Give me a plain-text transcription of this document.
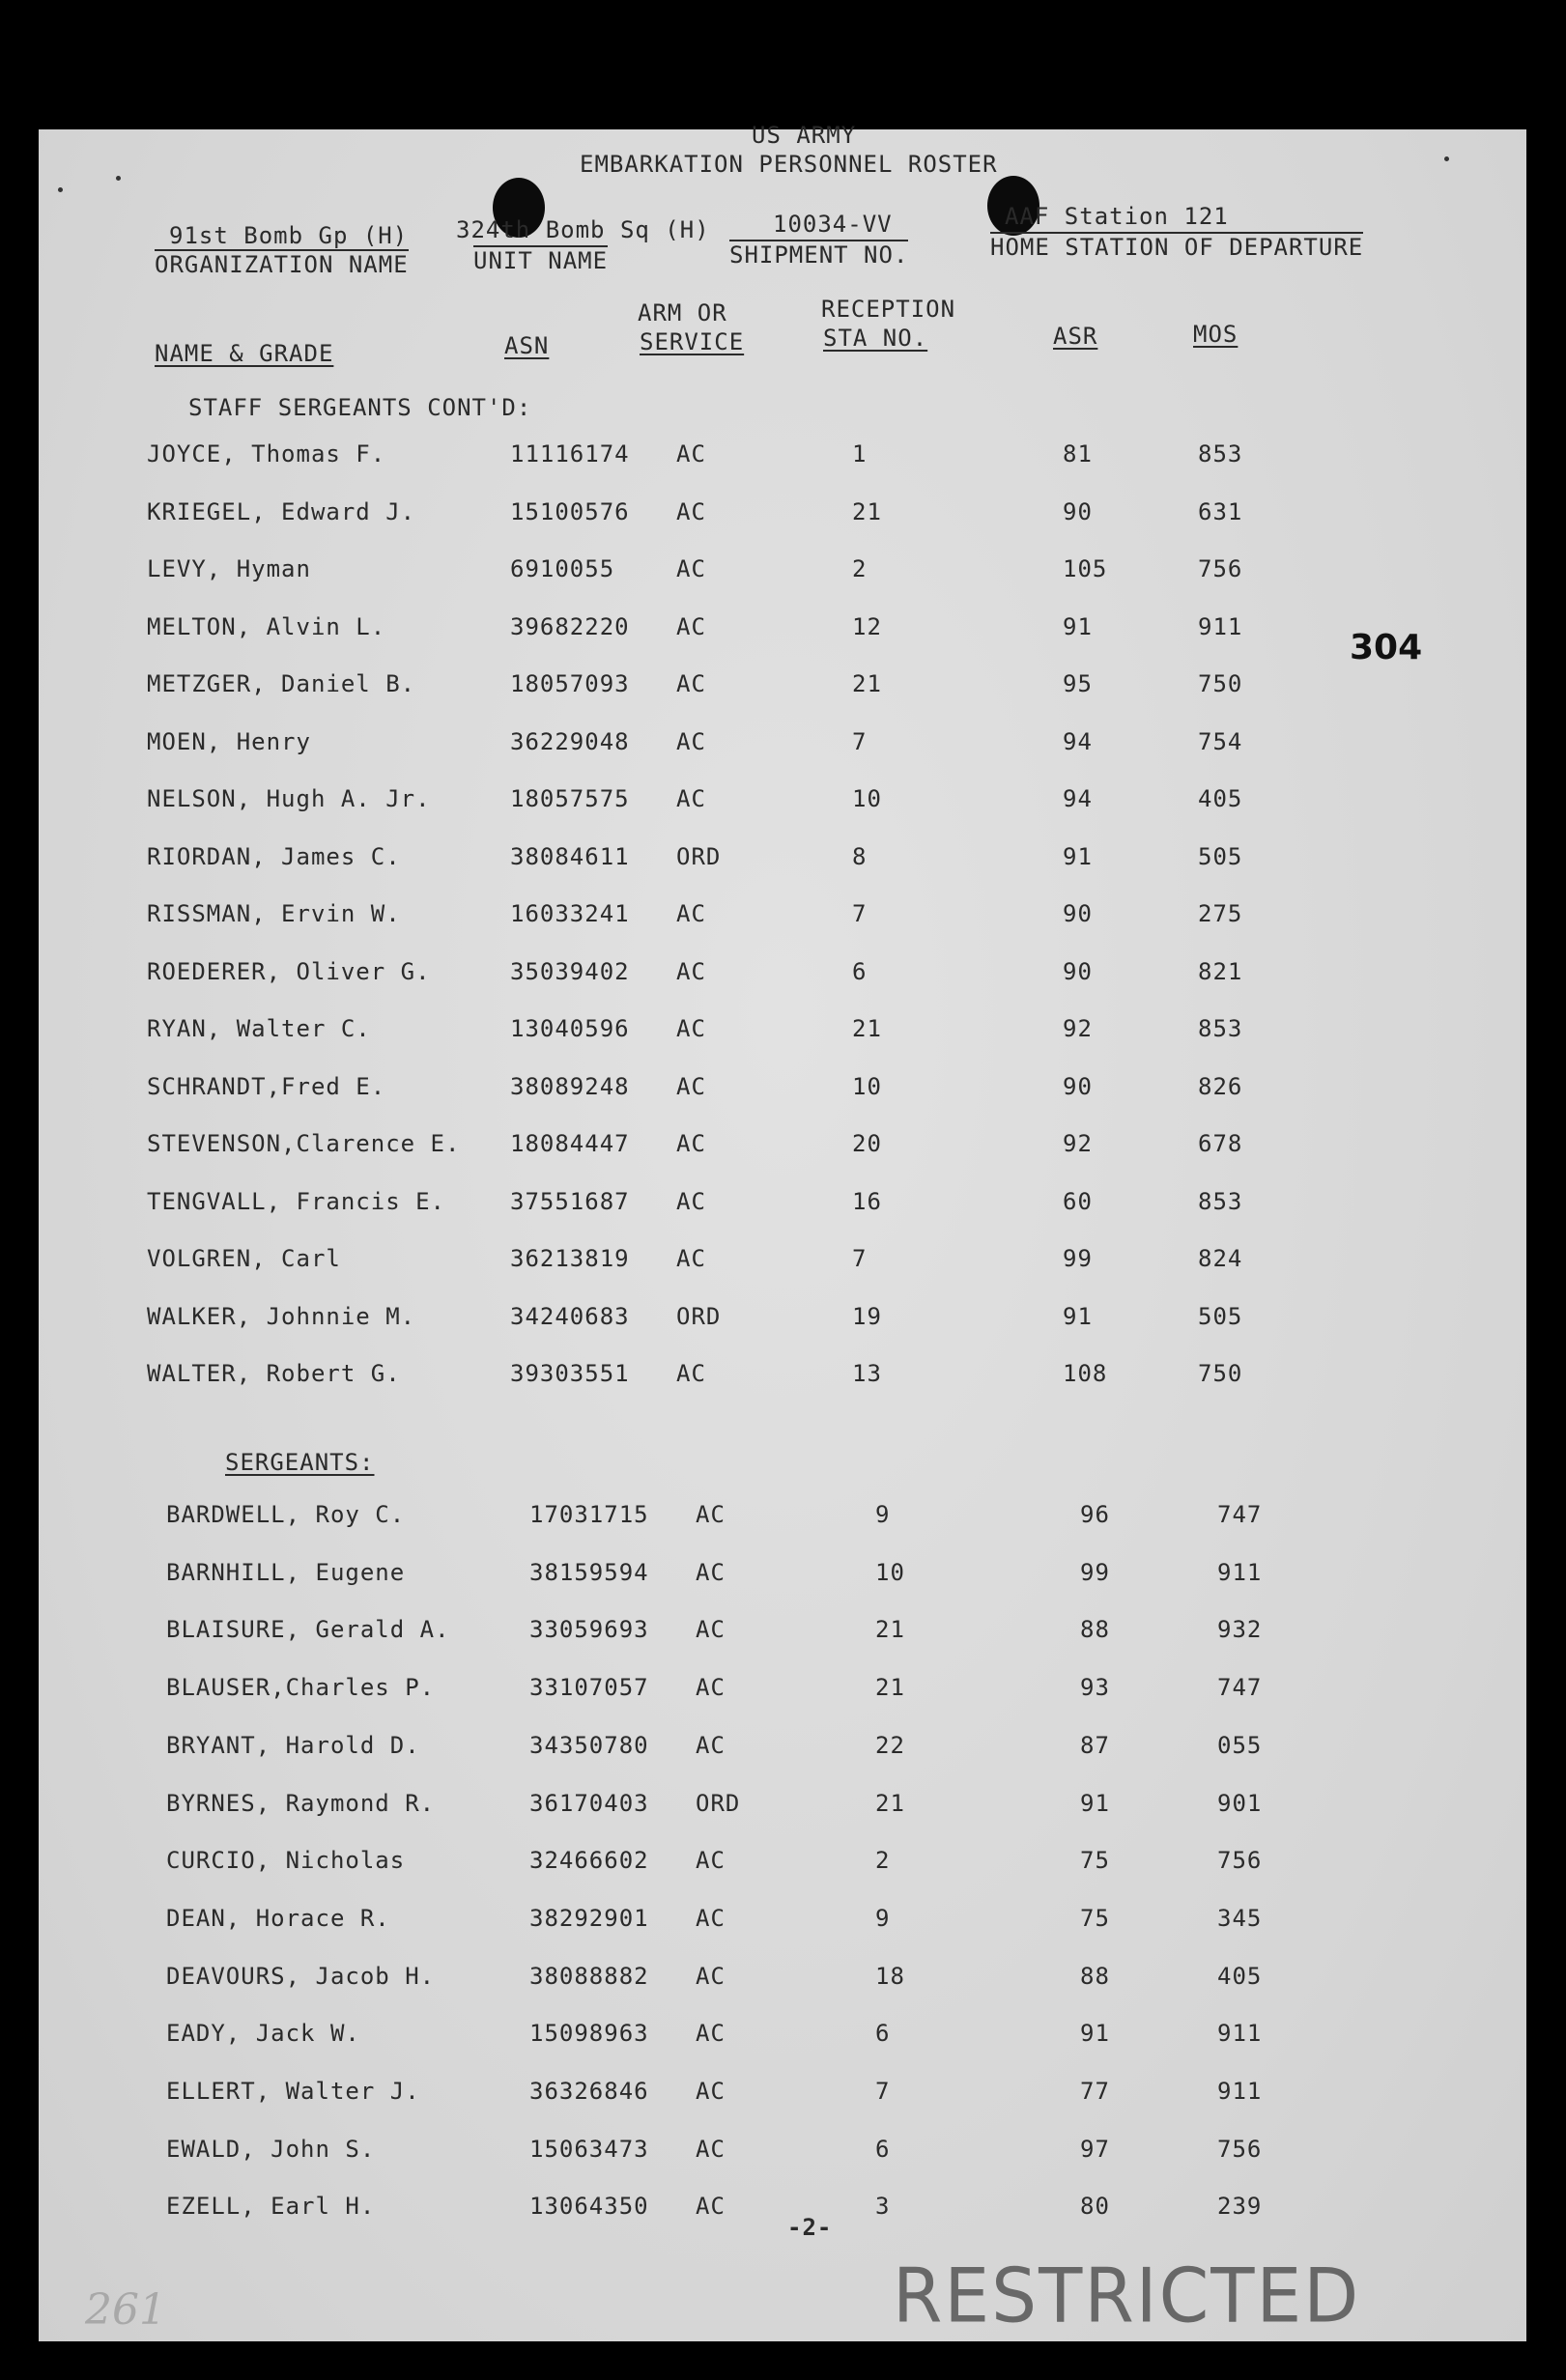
US ARMY
EMBARKATION PERSONNEL ROSTER
91st Bomb Gp (H)
ORGANIZATION NAME
324th Bomb Sq (H)
UNIT NAME
10034-VV
SHIPMENT NO.
AAF Station 121
HOME STATION OF DEPARTURE
NAME & GRADE	ASN
ARM OR
SERVICE
RECEPTION
STA NO.	ASR	MOS
STAFF SERGEANTS CONT'D:
JOYCE, Thomas F.	11116174 AC	1	81	853
KRIEGEL, Edward J.	15100576 AC	21	90	631
LEVY, Hyman	6910055	AC	2	105	756
MELTON, Alvin L.	39682220 AC	12	91	911
METZGER, Daniel B.	18057093 AC	21	95	750
MOEN, Henry	36229048 AC	7	94	754
NELSON, Hugh A. Jr.	18057575 AC	10	94	405
RIORDAN, James C.	38084611 ORD	8	91	505
RISSMAN, Ervin W.	16033241 AC	7	90	275
ROEDERER, Oliver G.	35039402 AC	6	90	821
RYAN, Walter C.	13040596 AC	21	92	853
SCHRANDT,Fred E.	38089248 AC	10	90	826
STEVENSON,Clarence E. 18084447 AC	20	92	678
TENGVALL, Francis E.	37551687 AC	16	60	853
VOLGREN, Carl	36213819 AC	7	99	824
WALKER, Johnnie M.	34240683 ORD	19	91	505
WALTER, Robert G.	39303551 AC	13	108	750
304
SERGEANTS:
BARDWELL, Roy C.	17031715 AC	9	96	747
BARNHILL, Eugene	38159594 AC	10	99	911
BLAISURE, Gerald A.	33059693 AC	21	88	932
BLAUSER,Charles P.	33107057 AC	21	93	747
BRYANT, Harold D.	34350780 AC	22	87	055
BYRNES, Raymond R.	36170403 ORD	21	91	901
CURCIO, Nicholas	32466602 AC	2	75	756
DEAN, Horace R.	38292901 AC	9	75	345
DEAVOURS, Jacob H.	38088882 AC	18	88	405
EADY, Jack W.	15098963 AC	6	91	911
ELLERT, Walter J.	36326846 AC	7	77	911
EWALD, John S.	15063473 AC	6	97	756
EZELL, Earl H.	13064350 AC	3	80	239
-2-
RESTRICTED
261
